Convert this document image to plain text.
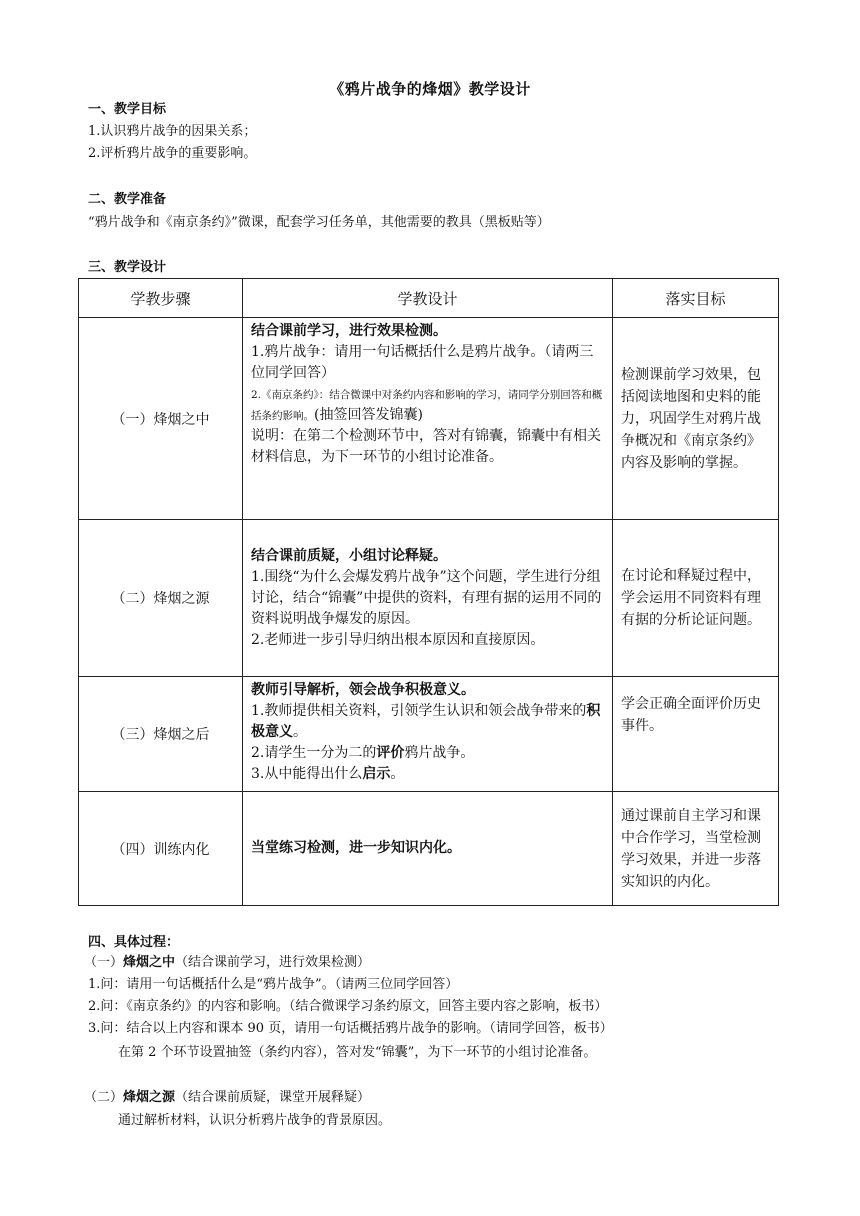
《鸦片战争的烽烟》教学设计
一、教学目标
1.认识鸦片战争的因果关系；
2.评析鸦片战争的重要影响。
二、教学准备
“鸦片战争和《南京条约》”微课，配套学习任务单，其他需要的教具（黑板贴等）
三、教学设计
学教步骤	学教设计	落实目标
（一）烽烟之中	结合课前学习，进行效果检测。
1.鸦片战争：请用一句话概括什么是鸦片战争。（请两三位同学回答）
2.《南京条约》：结合微课中对条约内容和影响的学习，请同学分别回答和概括条约影响。(抽签回答发锦囊)
说明：在第二个检测环节中，答对有锦囊，锦囊中有相关材料信息，为下一环节的小组讨论准备。	检测课前学习效果，包括阅读地图和史料的能力，巩固学生对鸦片战争概况和《南京条约》内容及影响的掌握。
（二）烽烟之源	结合课前质疑，小组讨论释疑。
1.围绕“为什么会爆发鸦片战争”这个问题，学生进行分组讨论，结合“锦囊”中提供的资料，有理有据的运用不同的资料说明战争爆发的原因。
2.老师进一步引导归纳出根本原因和直接原因。	在讨论和释疑过程中，学会运用不同资料有理有据的分析论证问题。
（三）烽烟之后	教师引导解析，领会战争积极意义。
1.教师提供相关资料，引领学生认识和领会战争带来的积极意义。
2.请学生一分为二的评价鸦片战争。
3.从中能得出什么启示。	学会正确全面评价历史事件。
（四）训练内化	当堂练习检测，进一步知识内化。	通过课前自主学习和课中合作学习，当堂检测学习效果，并进一步落实知识的内化。
四、具体过程：
（一）烽烟之中（结合课前学习，进行效果检测）
1.问：请用一句话概括什么是“鸦片战争”。（请两三位同学回答）
2.问：《南京条约》的内容和影响。（结合微课学习条约原文，回答主要内容之影响，板书）
3.问：结合以上内容和课本 90 页，请用一句话概括鸦片战争的影响。（请同学回答，板书）
在第 2 个环节设置抽签（条约内容），答对发“锦囊”，为下一环节的小组讨论准备。
（二）烽烟之源（结合课前质疑，课堂开展释疑）
通过解析材料，认识分析鸦片战争的背景原因。
